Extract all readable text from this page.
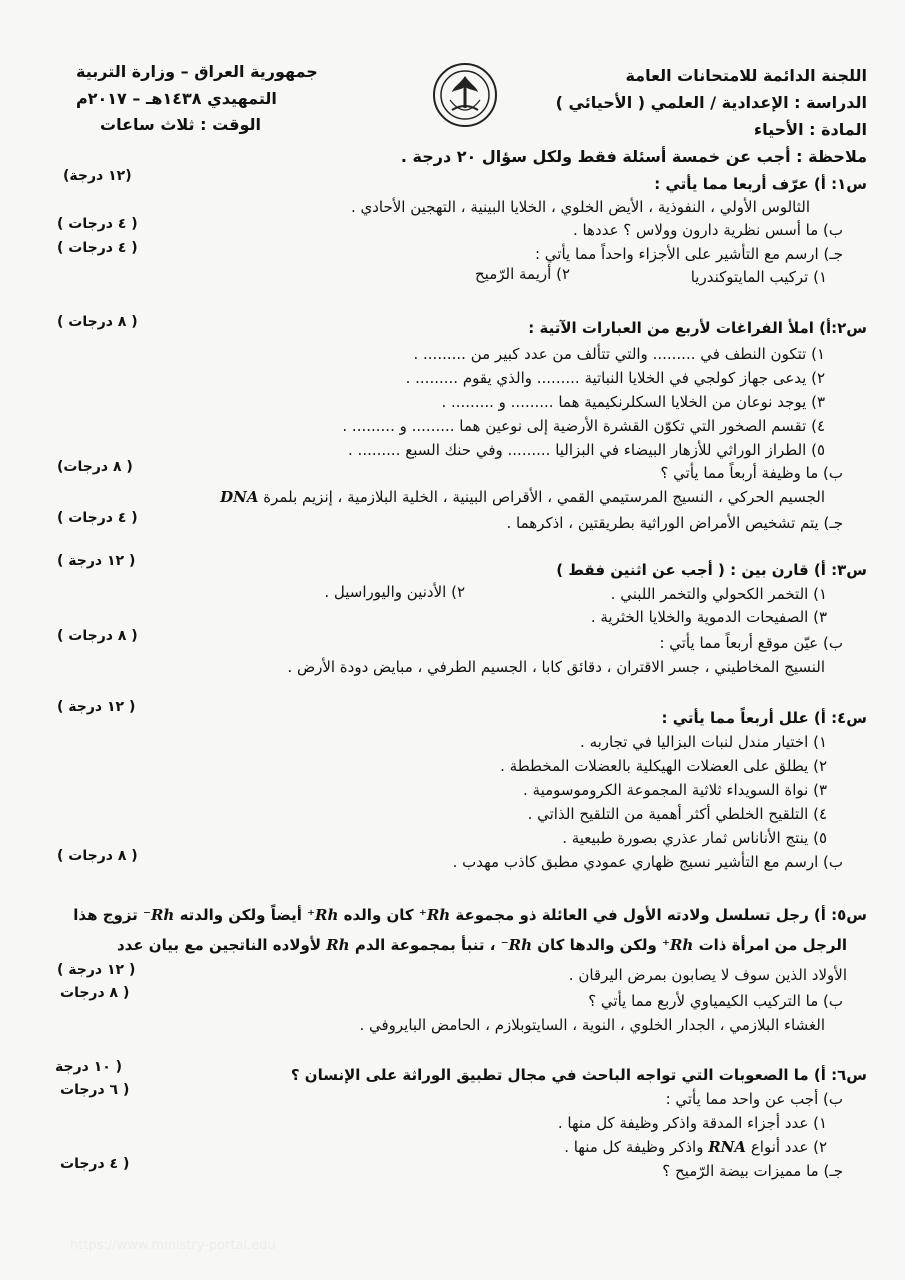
اللجنة الدائمة للامتحانات العامة
الدراسة : الإعدادية / العلمي ( الأحيائي )
المادة : الأحياء
جمهورية العراق – وزارة التربية
التمهيدي ١٤٣٨هـ – ٢٠١٧م
الوقت : ثلاث ساعات
ملاحظة : أجب عن خمسة أسئلة فقط ولكل سؤال ٢٠ درجة .
س١: أ) عرّف أربعا مما يأتي :
(١٢ درجة)
الثالوس الأولي ، النفوذية ، الأيض الخلوي ، الخلايا البينية ، التهجين الأحادي .
ب) ما أسس نظرية دارون وولاس ؟ عددها .
( ٤ درجات )
جـ) ارسم مع التأشير على الأجزاء واحداً مما يأتي :
( ٤ درجات )
١) تركيب المايتوكندريا
٢) أريمة الرّميح
س٢:أ) املأ الفراغات لأربع من العبارات الآتية :
( ٨ درجات )
١) تتكون النطف في ......... والتي تتألف من عدد كبير من ......... .
٢) يدعى جهاز كولجي في الخلايا النباتية ......... والذي يقوم ......... .
٣) يوجد نوعان من الخلايا السكلرنكيمية هما ......... و ......... .
٤) تقسم الصخور التي تكوّن القشرة الأرضية إلى نوعين هما ......... و ......... .
٥) الطراز الوراثي للأزهار البيضاء في البزاليا ......... وفي حنك السبع ......... .
ب) ما وظيفة أربعاً مما يأتي ؟
( ٨ درجات)
الجسيم الحركي ، النسيج المرستيمي القمي ، الأقراص البينية ، الخلية البلازمية ، إنزيم بلمرة DNA
جـ) يتم تشخيص الأمراض الوراثية بطريقتين ، اذكرهما .
( ٤ درجات )
س٣: أ) قارن بين : ( أجب عن اثنين فقط )
( ١٢ درجة )
١) التخمر الكحولي والتخمر اللبني .
٢) الأدنين واليوراسيل .
٣) الصفيحات الدموية والخلايا الخثرية .
ب) عيّن موقع أربعاً مما يأتي :
( ٨ درجات )
النسيج المخاطيني ، جسر الاقتران ، دقائق كابا ، الجسيم الطرفي ، مبايض دودة الأرض .
س٤: أ) علل أربعاً مما يأتي :
( ١٢ درجة )
١) اختيار مندل لنبات البزاليا في تجاربه .
٢) يطلق على العضلات الهيكلية بالعضلات المخططة .
٣) نواة السويداء ثلاثية المجموعة الكروموسومية .
٤) التلقيح الخلطي أكثر أهمية من التلقيح الذاتي .
٥) ينتج الأناناس ثمار عذري بصورة طبيعية .
ب) ارسم مع التأشير نسيج ظهاري عمودي مطبق كاذب مهدب .
( ٨ درجات )
س٥: أ) رجل تسلسل ولادته الأول في العائلة ذو مجموعة Rh⁺ كان والده Rh⁺ أيضاً ولكن والدته Rh⁻ تزوج هذا
الرجل من امرأة ذات Rh⁺ ولكن والدها كان Rh⁻ ، تنبأ بمجموعة الدم Rh لأولاده الناتجين مع بيان عدد
الأولاد الذين سوف لا يصابون بمرض اليرقان .
( ١٢ درجة )
ب) ما التركيب الكيمياوي لأربع مما يأتي ؟
( ٨ درجات
الغشاء البلازمي ، الجدار الخلوي ، النوية ، السايتوبلازم ، الحامض البايروفي .
س٦: أ) ما الصعوبات التي تواجه الباحث في مجال تطبيق الوراثة على الإنسان ؟
( ١٠ درجة
ب) أجب عن واحد مما يأتي :
( ٦ درجات
١) عدد أجزاء المدقة واذكر وظيفة كل منها .
٢) عدد أنواع RNA واذكر وظيفة كل منها .
جـ) ما مميزات بيضة الرّميح ؟
( ٤ درجات
https://www.ministry-portal.edu
